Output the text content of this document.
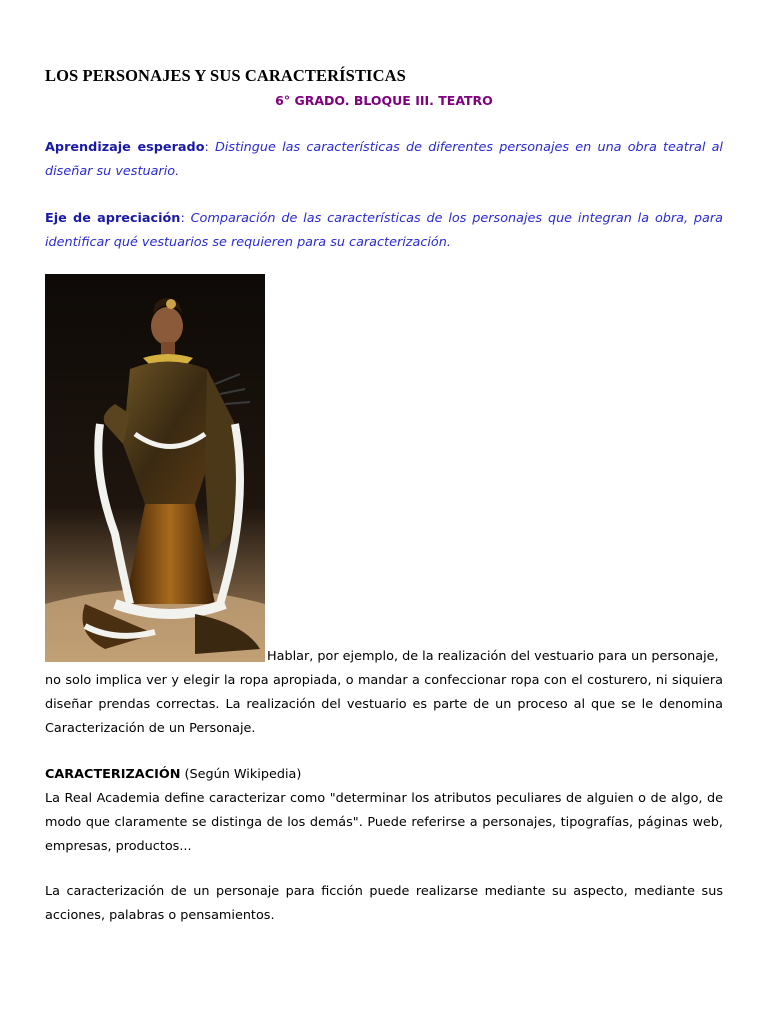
LOS PERSONAJES Y SUS CARACTERÍSTICAS
6° GRADO. BLOQUE III. TEATRO
Aprendizaje esperado: Distingue las características de diferentes personajes en una obra teatral al diseñar su vestuario.
Eje de apreciación: Comparación de las características de los personajes que integran la obra, para identificar qué vestuarios se requieren para su caracterización.
Hablar, por ejemplo, de la realización del vestuario para un personaje,
no solo implica ver y elegir la ropa apropiada, o mandar a confeccionar ropa con el costurero, ni siquiera diseñar prendas correctas. La realización del vestuario es parte de un proceso al que se le denomina Caracterización de un Personaje.
CARACTERIZACIÓN (Según Wikipedia)
La Real Academia define caracterizar como "determinar los atributos peculiares de alguien o de algo, de modo que claramente se distinga de los demás". Puede referirse a personajes, tipografías, páginas web, empresas, productos...
La caracterización de un personaje para ficción puede realizarse mediante su aspecto, mediante sus acciones, palabras o pensamientos.
